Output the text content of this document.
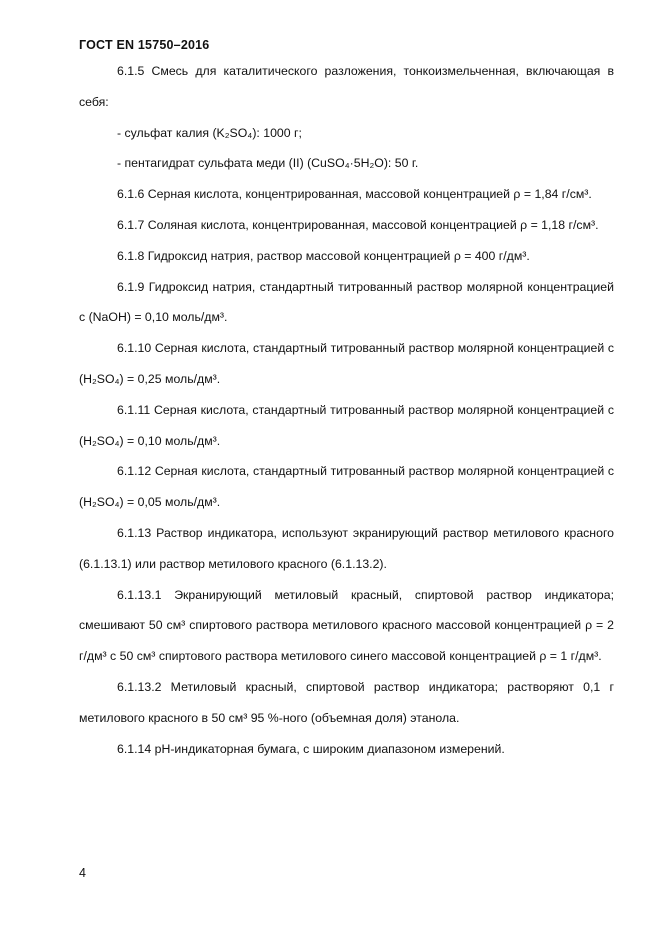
ГОСТ EN 15750–2016

6.1.5 Смесь для каталитического разложения, тонкоизмельченная, включающая в себя:

- сульфат калия (K₂SO₄): 1000 г;

- пентагидрат сульфата меди (II) (CuSO₄·5H₂O): 50 г.

6.1.6 Серная кислота, концентрированная, массовой концентрацией ρ = 1,84 г/см³.

6.1.7 Соляная кислота, концентрированная, массовой концентрацией ρ = 1,18 г/см³.

6.1.8 Гидроксид натрия, раствор массовой концентрацией ρ = 400 г/дм³.

6.1.9 Гидроксид натрия, стандартный титрованный раствор молярной концентрацией c (NaOH) = 0,10 моль/дм³.

6.1.10 Серная кислота, стандартный титрованный раствор молярной концентрацией c (H₂SO₄) = 0,25 моль/дм³.

6.1.11 Серная кислота, стандартный титрованный раствор молярной концентрацией c (H₂SO₄) = 0,10 моль/дм³.

6.1.12 Серная кислота, стандартный титрованный раствор молярной концентрацией c (H₂SO₄) = 0,05 моль/дм³.

6.1.13 Раствор индикатора, используют экранирующий раствор метилового красного (6.1.13.1) или раствор метилового красного (6.1.13.2).

6.1.13.1 Экранирующий метиловый красный, спиртовой раствор индикатора; смешивают 50 см³ спиртового раствора метилового красного массовой концентрацией ρ = 2 г/дм³ с 50 см³ спиртового раствора метилового синего массовой концентрацией ρ = 1 г/дм³.

6.1.13.2 Метиловый красный, спиртовой раствор индикатора; растворяют 0,1 г метилового красного в 50 см³ 95 %-ного (объемная доля) этанола.

6.1.14 рН-индикаторная бумага, с широким диапазоном измерений.

4
